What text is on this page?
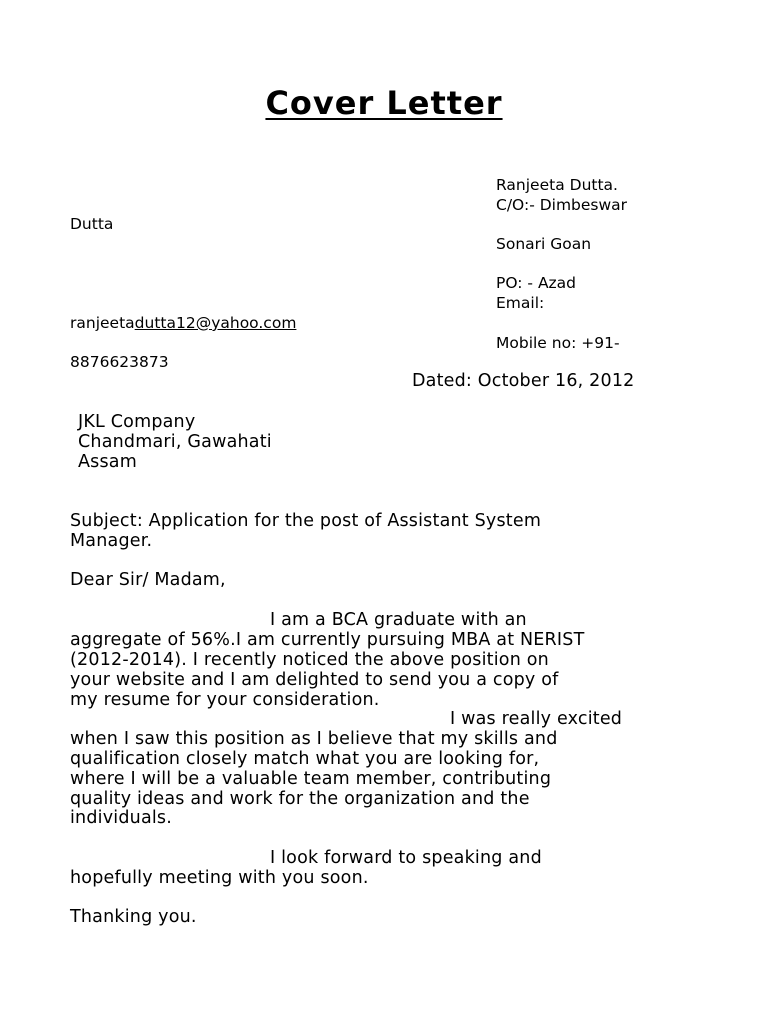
Cover Letter
Ranjeeta Dutta.
C/O:- Dimbeswar
Dutta
Sonari Goan
PO: - Azad
Email:
ranjeetadutta12@yahoo.com
Mobile no: +91-
8876623873
Dated: October 16, 2012
JKL Company
Chandmari, Gawahati
Assam
Subject: Application for the post of Assistant System
Manager.
Dear Sir/ Madam,
I am a BCA graduate with an
aggregate of 56%.I am currently pursuing MBA at NERIST
(2012-2014). I recently noticed the above position on
your website and I am delighted to send you a copy of
my resume for your consideration.
I was really excited
when I saw this position as I believe that my skills and
qualification closely match what you are looking for,
where I will be a valuable team member, contributing
quality ideas and work for the organization and the
individuals.
I look forward to speaking and
hopefully meeting with you soon.
Thanking you.
